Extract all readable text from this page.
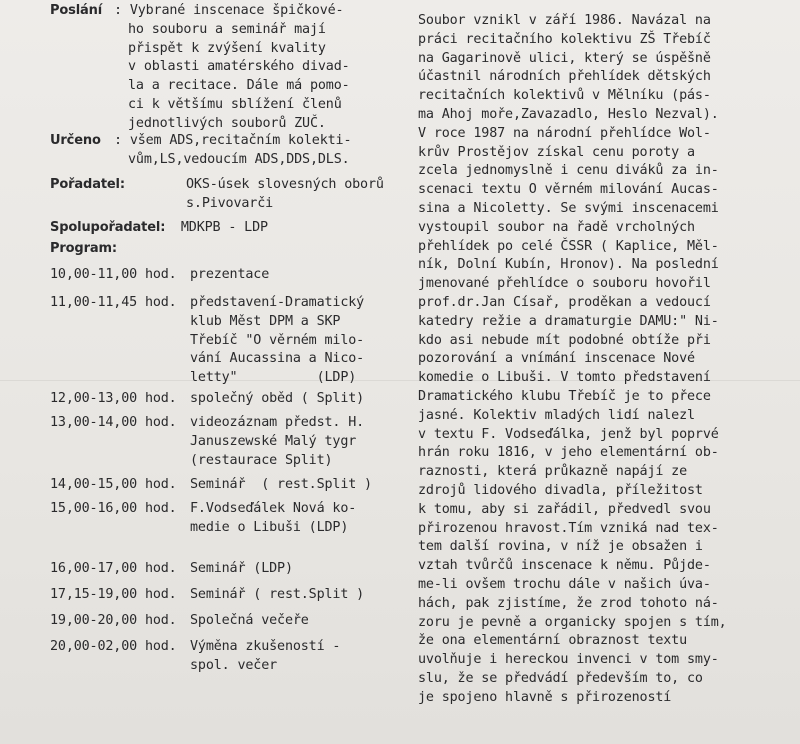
Poslání : Vybrané inscenace špičkové-
ho souboru a seminář mají
přispět k zvýšení kvality
v oblasti amatérského divad-
la a recitace. Dále má pomo-
ci k většímu sblížení členů
jednotlivých souborů ZUČ.
Určeno : všem ADS,recitačním kolekti-
vům,LS,vedoucím ADS,DDS,DLS.
Pořadatel:	OKS-úsek slovesných oborů
s.Pivovarči
Spolupořadatel: MDKPB - LDP
Program:
10,00-11,00 hod. prezentace
11,00-11,45 hod. představení-Dramatický
klub Měst DPM a SKP
Třebíč "O věrném milo-
vání Aucassina a Nico-
letty"          (LDP)
12,00-13,00 hod. společný oběd ( Split)
13,00-14,00 hod. videozáznam předst. H.
Januszewské Malý tygr
(restaurace Split)
14,00-15,00 hod. Seminář  ( rest.Split )
15,00-16,00 hod. F.Vodseďálek Nová ko-
medie o Libuši (LDP)
16,00-17,00 hod. Seminář (LDP)
17,15-19,00 hod. Seminář ( rest.Split )
19,00-20,00 hod. Společná večeře
20,00-02,00 hod. Výměna zkušeností -
spol. večer
Soubor vznikl v září 1986. Navázal na
práci recitačního kolektivu ZŠ Třebíč
na Gagarinově ulici, který se úspěšně
účastnil národních přehlídek dětských
recitačních kolektivů v Mělníku (pás-
ma Ahoj moře,Zavazadlo, Heslo Nezval).
V roce 1987 na národní přehlídce Wol-
krův Prostějov získal cenu poroty a
zcela jednomyslně i cenu diváků za in-
scenaci textu O věrném milování Aucas-
sina a Nicoletty. Se svými inscenacemi
vystoupil soubor na řadě vrcholných
přehlídek po celé ČSSR ( Kaplice, Měl-
ník, Dolní Kubín, Hronov). Na poslední
jmenované přehlídce o souboru hovořil
prof.dr.Jan Císař, proděkan a vedoucí
katedry režie a dramaturgie DAMU:" Ni-
kdo asi nebude mít podobné obtíže při
pozorování a vnímání inscenace Nové
komedie o Libuši. V tomto představení
Dramatického klubu Třebíč je to přece
jasné. Kolektiv mladých lidí nalezl
v textu F. Vodseďálka, jenž byl poprvé
hrán roku 1816, v jeho elementární ob-
raznosti, která průkazně napájí ze
zdrojů lidového divadla, příležitost
k tomu, aby si zařádil, předvedl svou
přirozenou hravost.Tím vzniká nad tex-
tem další rovina, v níž je obsažen i
vztah tvůrčů inscenace k němu. Půjde-
me-li ovšem trochu dále v našich úva-
hách, pak zjistíme, že zrod tohoto ná-
zoru je pevně a organicky spojen s tím,
že ona elementární obraznost textu
uvolňuje i hereckou invenci v tom smy-
slu, že se předvádí především to, co
je spojeno hlavně s přirozeností
